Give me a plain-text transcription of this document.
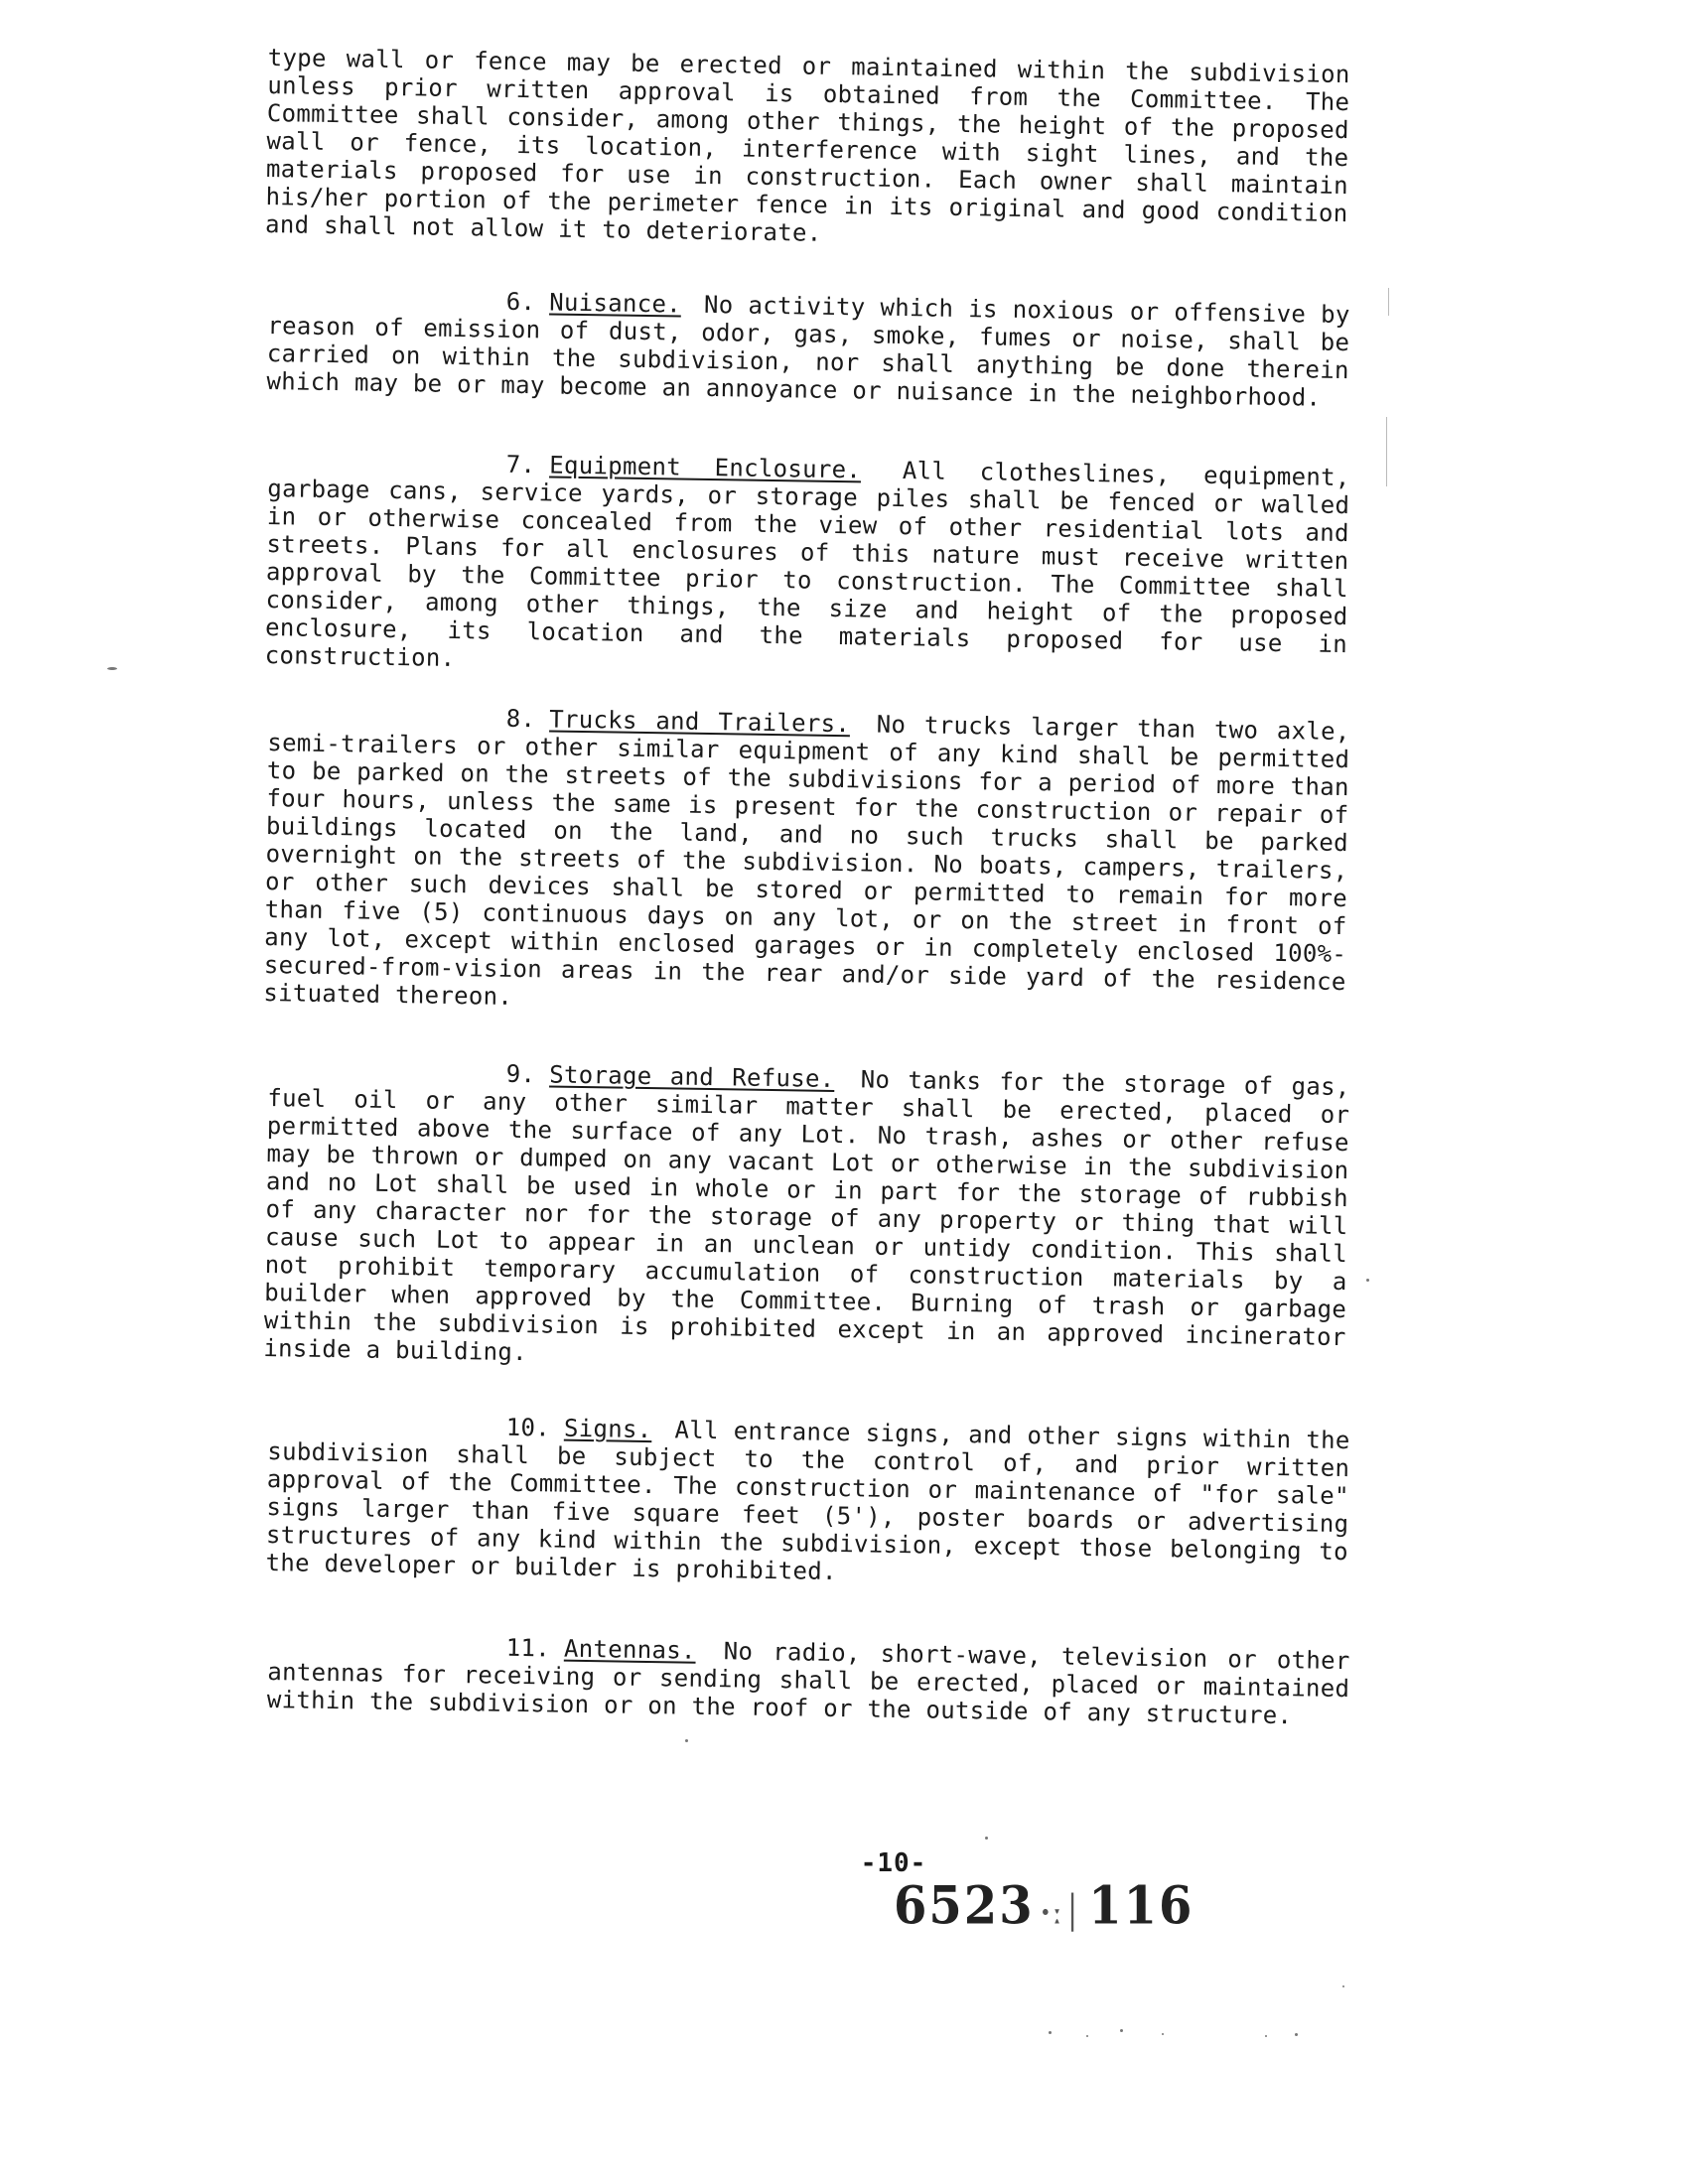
type wall or fence may be erected or maintained within the subdivision unless prior written approval is obtained from the Committee. The Committee shall consider, among other things, the height of the proposed wall or fence, its location, interference with sight lines, and the materials proposed for use in construction. Each owner shall maintain his/her portion of the perimeter fence in its original and good condition and shall not allow it to deteriorate.
6. Nuisance. No activity which is noxious or offensive by reason of emission of dust, odor, gas, smoke, fumes or noise, shall be carried on within the subdivision, nor shall anything be done therein which may be or may become an annoyance or nuisance in the neighborhood.
7. Equipment Enclosure. All clotheslines, equipment, garbage cans, service yards, or storage piles shall be fenced or walled in or otherwise concealed from the view of other residential lots and streets. Plans for all enclosures of this nature must receive written approval by the Committee prior to construction. The Committee shall consider, among other things, the size and height of the proposed enclosure, its location and the materials proposed for use in construction.
8. Trucks and Trailers. No trucks larger than two axle, semi-trailers or other similar equipment of any kind shall be permitted to be parked on the streets of the subdivisions for a period of more than four hours, unless the same is present for the construction or repair of buildings located on the land, and no such trucks shall be parked overnight on the streets of the subdivision. No boats, campers, trailers, or other such devices shall be stored or permitted to remain for more than five (5) continuous days on any lot, or on the street in front of any lot, except within enclosed garages or in completely enclosed 100%-secured-from-vision areas in the rear and/or side yard of the residence situated thereon.
9. Storage and Refuse. No tanks for the storage of gas, fuel oil or any other similar matter shall be erected, placed or permitted above the surface of any Lot. No trash, ashes or other refuse may be thrown or dumped on any vacant Lot or otherwise in the subdivision and no Lot shall be used in whole or in part for the storage of rubbish of any character nor for the storage of any property or thing that will cause such Lot to appear in an unclean or untidy condition. This shall not prohibit temporary accumulation of construction materials by a builder when approved by the Committee. Burning of trash or garbage within the subdivision is prohibited except in an approved incinerator inside a building.
10. Signs. All entrance signs, and other signs within the subdivision shall be subject to the control of, and prior written approval of the Committee. The construction or maintenance of "for sale" signs larger than five square feet (5'), poster boards or advertising structures of any kind within the subdivision, except those belonging to the developer or builder is prohibited.
11. Antennas. No radio, short-wave, television or other antennas for receiving or sending shall be erected, placed or maintained within the subdivision or on the roof or the outside of any structure.
-10-
6523 ·ː│ 116
